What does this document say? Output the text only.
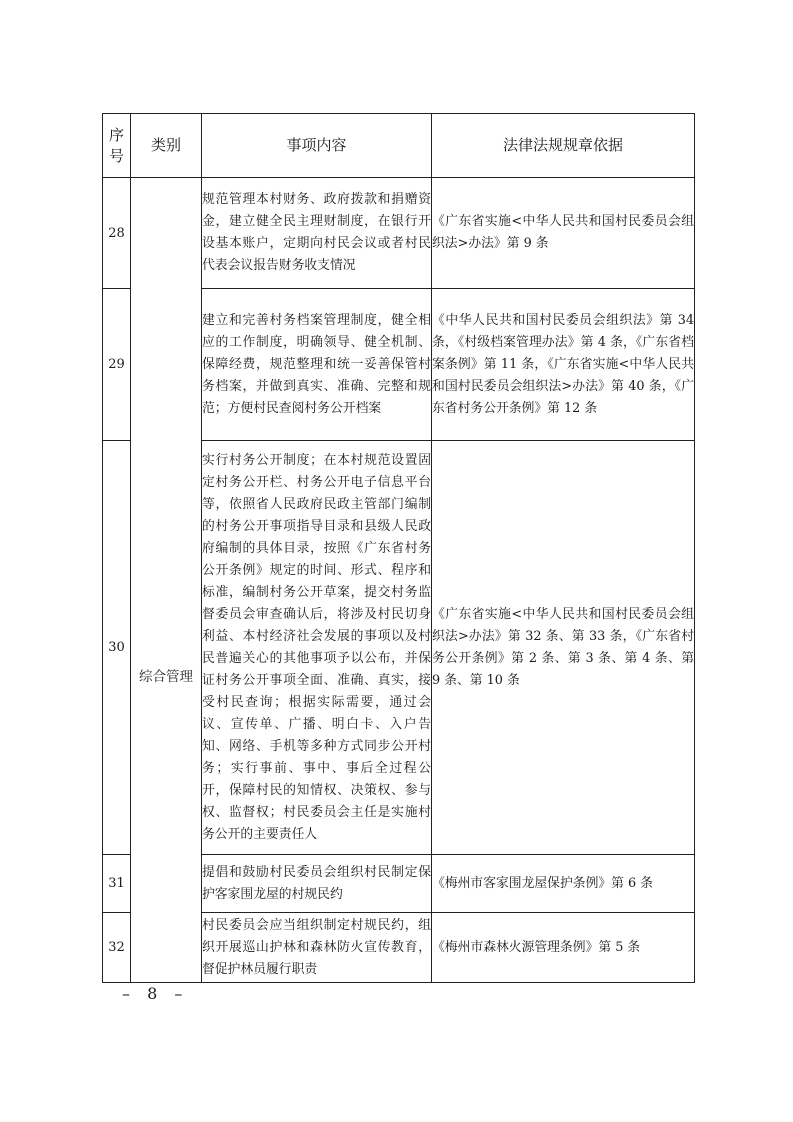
序号	类别	事项内容	法律法规规章依据
28	综合管理	规范管理本村财务、政府拨款和捐赠资金，建立健全民主理财制度，在银行开设基本账户，定期向村民会议或者村民代表会议报告财务收支情况	《广东省实施<中华人民共和国村民委员会组织法>办法》第 9 条
29		建立和完善村务档案管理制度，健全相应的工作制度，明确领导、健全机制、保障经费，规范整理和统一妥善保管村务档案，并做到真实、准确、完整和规范；方便村民查阅村务公开档案	《中华人民共和国村民委员会组织法》第 34 条，《村级档案管理办法》第 4 条，《广东省档案条例》第 11 条，《广东省实施<中华人民共和国村民委员会组织法>办法》第 40 条，《广东省村务公开条例》第 12 条
30		实行村务公开制度；在本村规范设置固定村务公开栏、村务公开电子信息平台等，依照省人民政府民政主管部门编制的村务公开事项指导目录和县级人民政府编制的具体目录，按照《广东省村务公开条例》规定的时间、形式、程序和标准，编制村务公开草案，提交村务监督委员会审查确认后，将涉及村民切身利益、本村经济社会发展的事项以及村民普遍关心的其他事项予以公布，并保证村务公开事项全面、准确、真实，接受村民查询；根据实际需要，通过会议、宣传单、广播、明白卡、入户告知、网络、手机等多种方式同步公开村务；实行事前、事中、事后全过程公开，保障村民的知情权、决策权、参与权、监督权；村民委员会主任是实施村务公开的主要责任人	《广东省实施<中华人民共和国村民委员会组织法>办法》第 32 条、第 33 条，《广东省村务公开条例》第 2 条、第 3 条、第 4 条、第 9 条、第 10 条
31		提倡和鼓励村民委员会组织村民制定保护客家围龙屋的村规民约	《梅州市客家围龙屋保护条例》第 6 条
32		村民委员会应当组织制定村规民约，组织开展巡山护林和森林防火宣传教育，督促护林员履行职责	《梅州市森林火源管理条例》第 5 条
– 8 –
